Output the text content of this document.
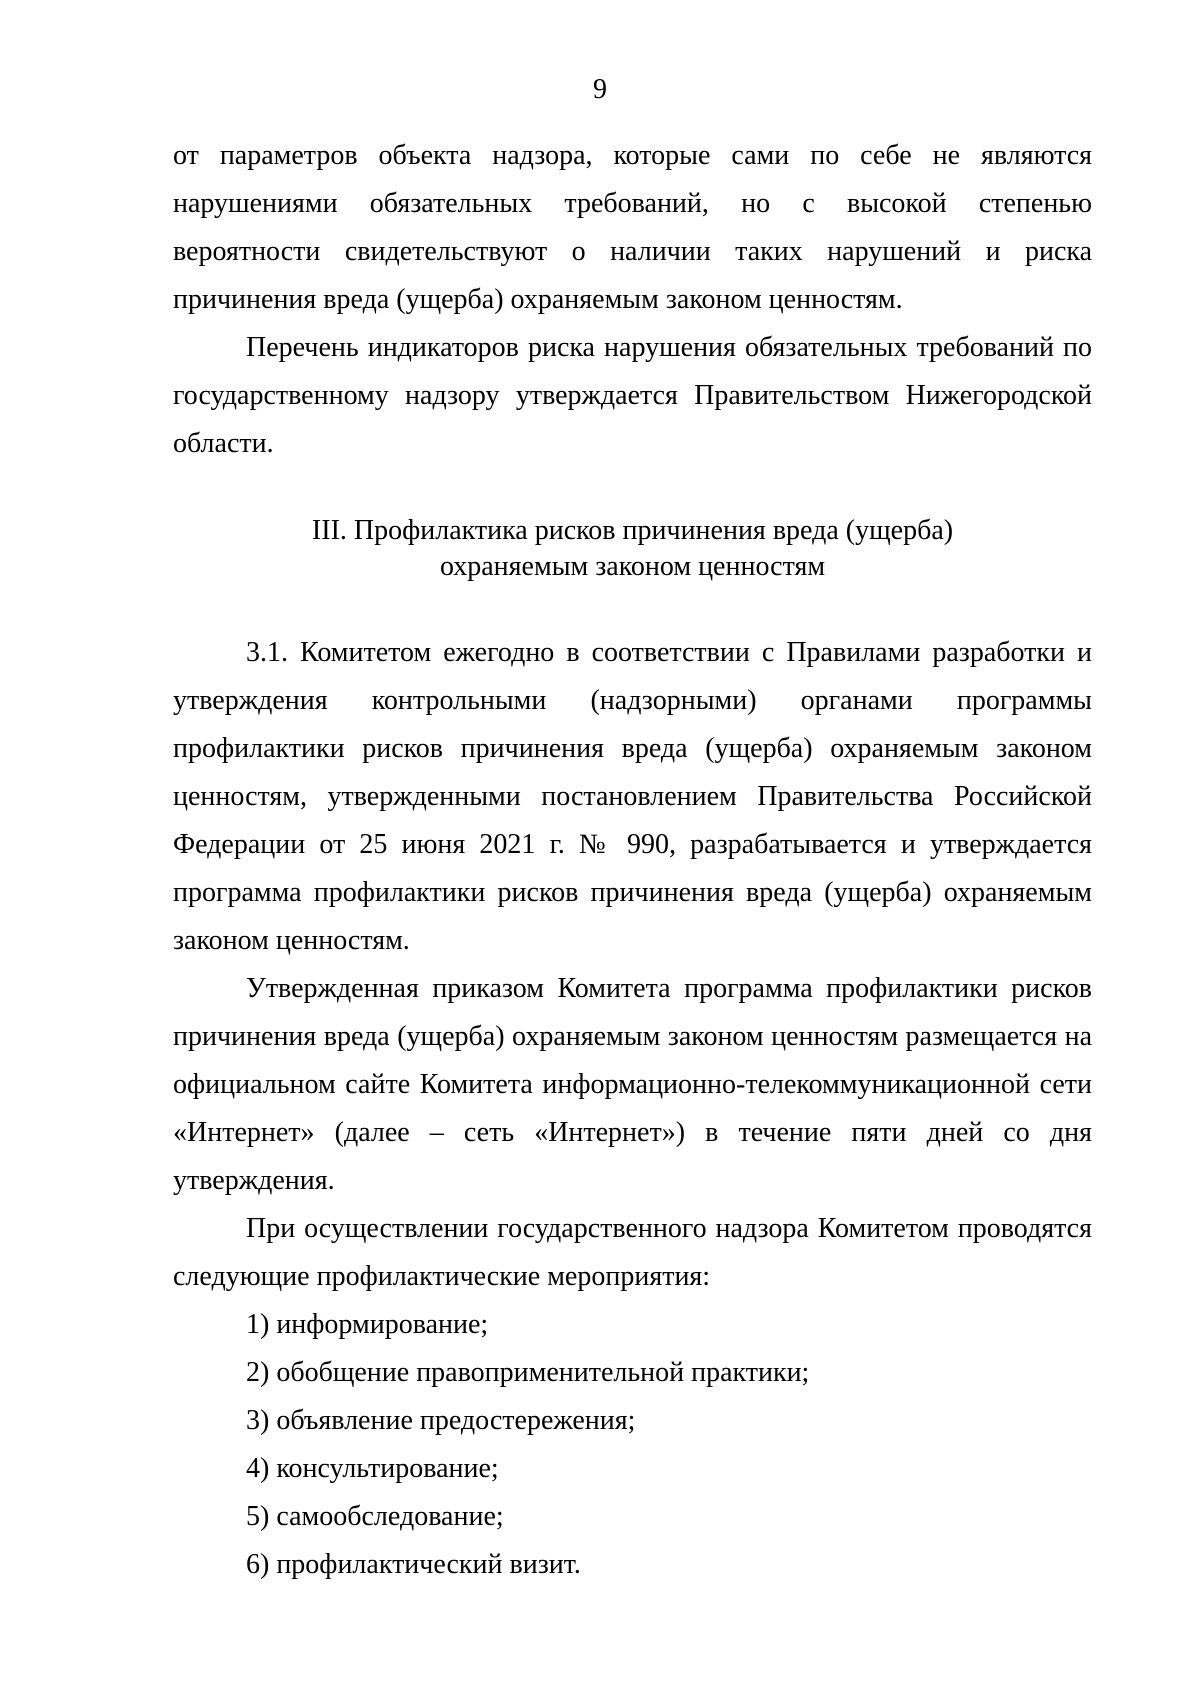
9

от параметров объекта надзора, которые сами по себе не являются нарушениями обязательных требований, но с высокой степенью вероятности свидетельствуют о наличии таких нарушений и риска причинения вреда (ущерба) охраняемым законом ценностям.

Перечень индикаторов риска нарушения обязательных требований по государственному надзору утверждается Правительством Нижегородской области.

III. Профилактика рисков причинения вреда (ущерба)
охраняемым законом ценностям

3.1. Комитетом ежегодно в соответствии с Правилами разработки и утверждения контрольными (надзорными) органами программы профилактики рисков причинения вреда (ущерба) охраняемым законом ценностям, утвержденными постановлением Правительства Российской Федерации от 25 июня 2021 г. № 990, разрабатывается и утверждается программа профилактики рисков причинения вреда (ущерба) охраняемым законом ценностям.

Утвержденная приказом Комитета программа профилактики рисков причинения вреда (ущерба) охраняемым законом ценностям размещается на официальном сайте Комитета информационно-телекоммуникационной сети «Интернет» (далее – сеть «Интернет») в течение пяти дней со дня утверждения.

При осуществлении государственного надзора Комитетом проводятся следующие профилактические мероприятия:

1) информирование;
2) обобщение правоприменительной практики;
3) объявление предостережения;
4) консультирование;
5) самообследование;
6) профилактический визит.
